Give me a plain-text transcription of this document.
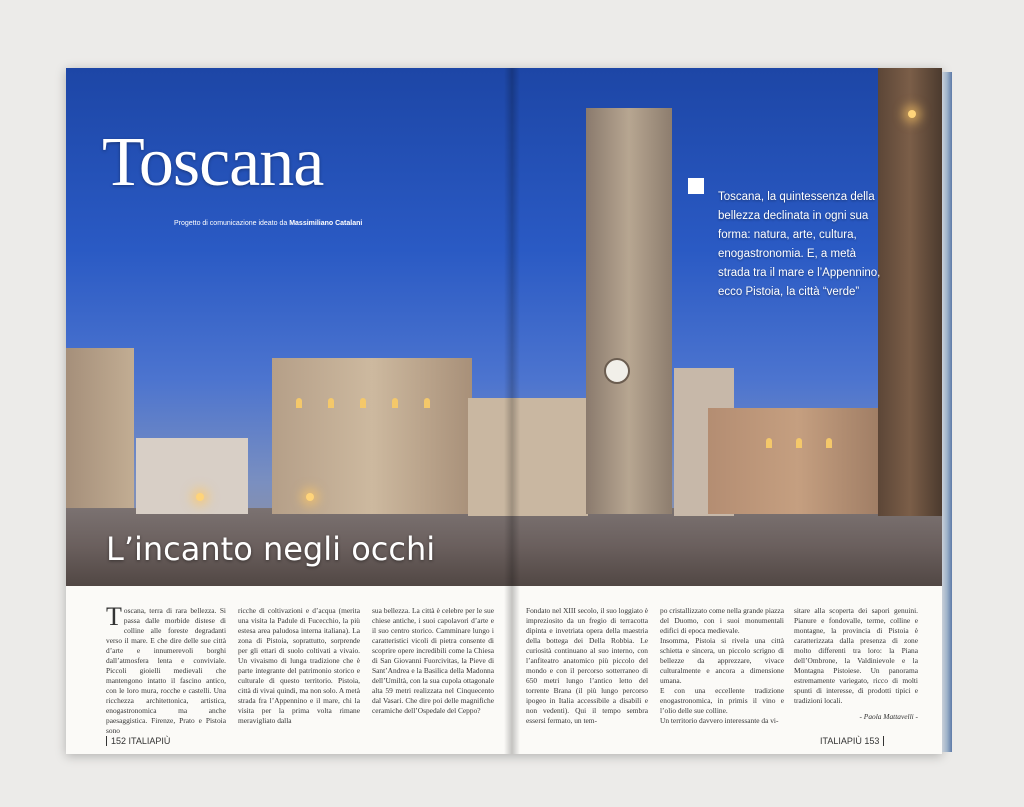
Toscana
Progetto di comunicazione ideato da Massimiliano Catalani
L’incanto negli occhi
Toscana, la quintessenza della bellezza declinata in ogni sua forma: natura, arte, cultura, enogastronomia. E, a metà strada tra il mare e l’Appennino, ecco Pistoia, la città “verde”

Toscana, terra di rara bellezza. Si passa dalle morbide distese di colline alle foreste degradanti verso il mare. E che dire delle sue città d’arte e innumerevoli borghi dall’atmosfera lenta e conviviale. Piccoli gioielli medievali che mantengono intatto il fascino antico, con le loro mura, rocche e castelli. Una ricchezza architettonica, artistica, enogastronomica ma anche paesaggistica. Firenze, Prato e Pistoia sono

ricche di coltivazioni e d’acqua (merita una visita la Padule di Fucecchio, la più estesa area paludosa interna italiana). La zona di Pistoia, soprattutto, sorprende per gli ettari di suolo coltivati a vivaio. Un vivaismo di lunga tradizione che è parte integrante del patrimonio storico e culturale di questo territorio. Pistoia, città di vivai quindi, ma non solo. A metà strada fra l’Appennino e il mare, chi la visita per la prima volta rimane meravigliato dalla

sua bellezza. La città è celebre per le sue chiese antiche, i suoi capolavori d’arte e il suo centro storico. Camminare lungo i caratteristici vicoli di pietra consente di scoprire opere incredibili come la Chiesa di San Giovanni Fuorcivitas, la Pieve di Sant’Andrea e la Basilica della Madonna dell’Umiltà, con la sua cupola ottagonale alta 59 metri realizzata nel Cinquecento dal Vasari. Che dire poi delle magnifiche ceramiche dell’Ospedale del Ceppo?

Fondato nel XIII secolo, il suo loggiato è impreziosito da un fregio di terracotta dipinta e invetriata opera della maestria della bottega dei Della Robbia. Le curiosità continuano al suo interno, con l’anfiteatro anatomico più piccolo del mondo e con il percorso sotterraneo di 650 metri lungo l’antico letto del torrente Brana (il più lungo percorso ipogeo in Italia accessibile a disabili e non vedenti). Qui il tempo sembra essersi fermato, un tem-

po cristallizzato come nella grande piazza del Duomo, con i suoi monumentali edifici di epoca medievale.

Insomma, Pistoia si rivela una città schietta e sincera, un piccolo scrigno di bellezze da apprezzare, vivace culturalmente e ancora a dimensione umana.

E con una eccellente tradizione enogastronomica, in primis il vino e l’olio delle sue colline.

Un territorio davvero interessante da vi-

sitare alla scoperta dei sapori genuini. Pianure e fondovalle, terme, colline e montagne, la provincia di Pistoia è caratterizzata dalla presenza di zone molto differenti tra loro: la Piana dell’Ombrone, la Valdinievole e la Montagna Pistoiese. Un panorama estremamente variegato, ricco di molti spunti di interesse, di prodotti tipici e tradizioni locali.

- Paola Mattavelli -

152 ITALIAPIÙ	ITALIAPIÙ 153
